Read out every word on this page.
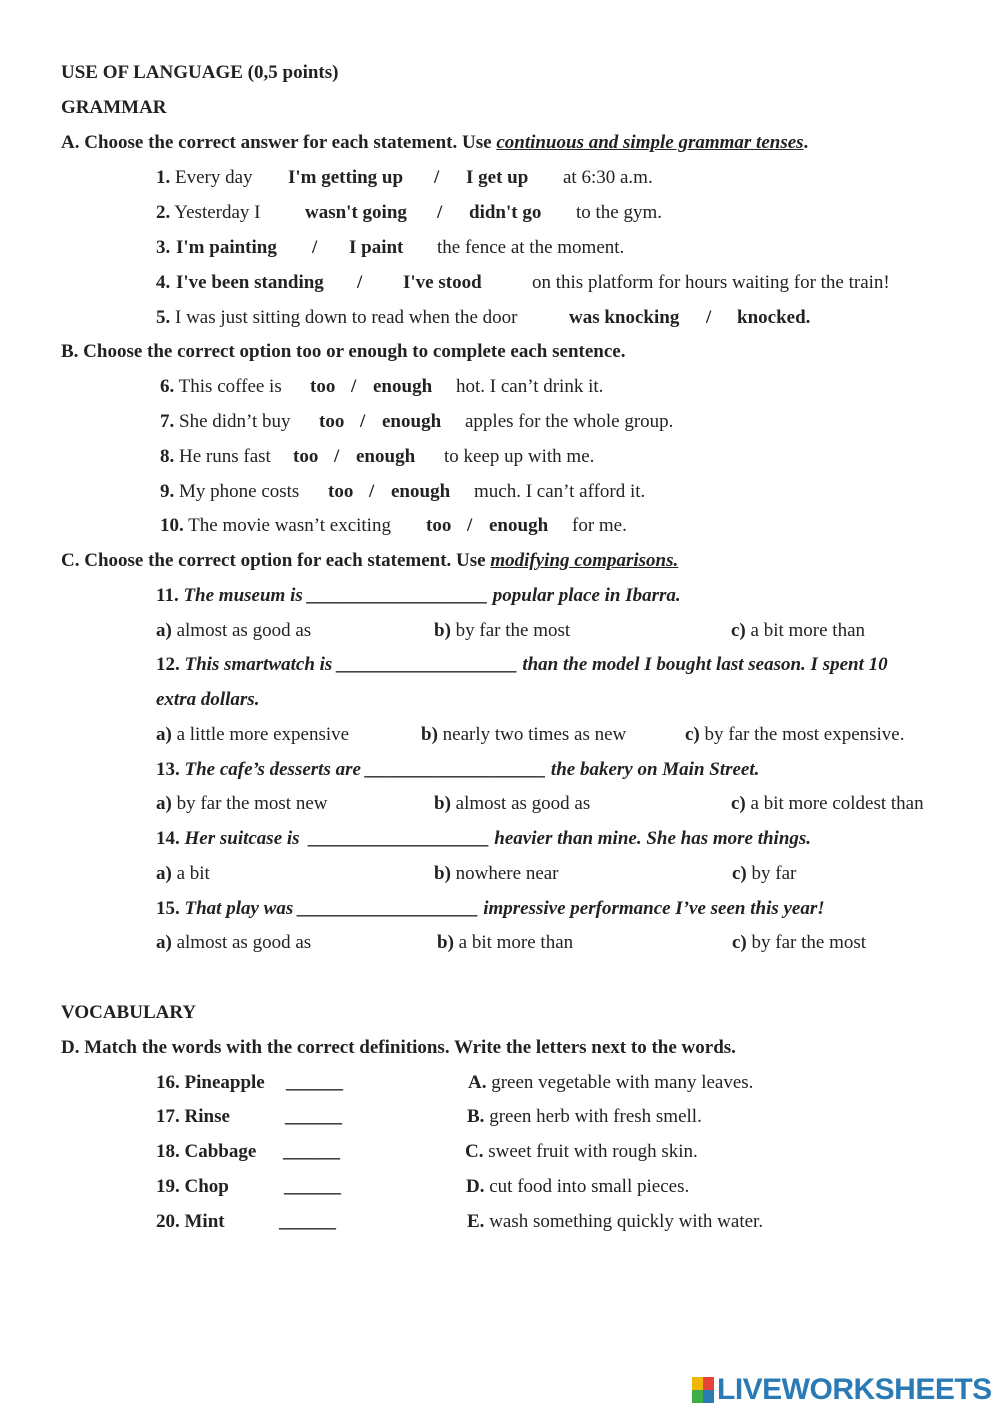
USE OF LANGUAGE (0,5 points)
GRAMMAR
A. Choose the correct answer for each statement. Use continuous and simple grammar tenses.
1. Every day I'm getting up / I get up at 6:30 a.m.
2. Yesterday I wasn't going / didn't go to the gym.
3. I'm painting / I paint the fence at the moment.
4. I've been standing / I've stood	on this platform for hours waiting for the train!
5. I was just sitting down to read when the door	was knocking / knocked.
B. Choose the correct option too or enough to complete each sentence.
6. This coffee is too / enough hot. I can’t drink it.
7. She didn’t buy too / enough apples for the whole group.
8. He runs fast too / enough to keep up with me.
9. My phone costs too / enough much. I can’t afford it.
10. The movie wasn’t exciting too / enough for me.
C. Choose the correct option for each statement. Use modifying comparisons.
11. The museum is ___________________ popular place in Ibarra.
a) almost as good as	b) by far the most	c) a bit more than
12. This smartwatch is ___________________ than the model I bought last season. I spent 10
extra dollars.
a) a little more expensive	b) nearly two times as new	c) by far the most expensive.
13. The cafe’s desserts are ___________________ the bakery on Main Street.
a) by far the most new	b) almost as good as	c) a bit more coldest than
14. Her suitcase is  ___________________ heavier than mine. She has more things.
a) a bit	b) nowhere near	c) by far
15. That play was ___________________ impressive performance I’ve seen this year!
a) almost as good as	b) a bit more than	c) by far the most
VOCABULARY
D. Match the words with the correct definitions. Write the letters next to the words.
16. Pineapple ______	A. green vegetable with many leaves.
17. Rinse	______	B. green herb with fresh smell.
18. Cabbage ______	C. sweet fruit with rough skin.
19. Chop	______	D. cut food into small pieces.
20. Mint	______	E. wash something quickly with water.
LIVEWORKSHEETS
